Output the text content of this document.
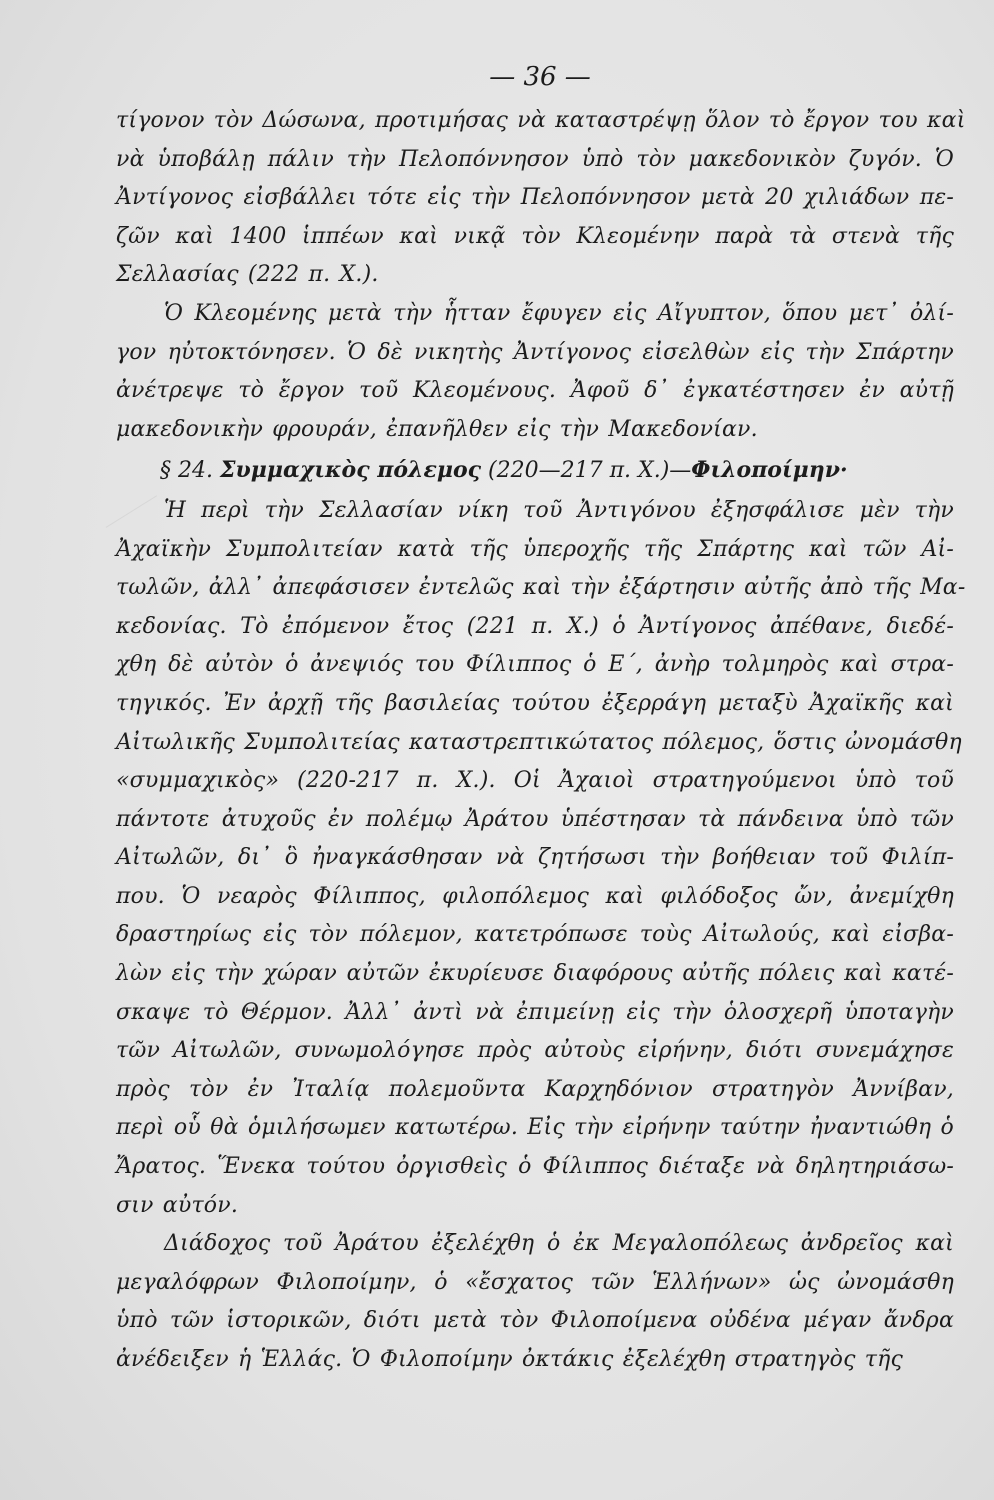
— 36 —
τίγονον τὸν Δώσωνα, προτιμήσας νὰ καταστρέψῃ ὅλον τὸ ἔργον του καὶ
νὰ ὑποβάλῃ πάλιν τὴν Πελοπόννησον ὑπὸ τὸν μακεδονικὸν ζυγόν. Ὁ
Ἀντίγονος εἰσβάλλει τότε εἰς τὴν Πελοπόννησον μετὰ 20 χιλιάδων πε-
ζῶν καὶ 1400 ἱππέων καὶ νικᾷ τὸν Κλεομένην παρὰ τὰ στενὰ τῆς
Σελλασίας (222 π. Χ.).
Ὁ Κλεομένης μετὰ τὴν ἧτταν ἔφυγεν εἰς Αἴγυπτον, ὅπου μετ᾽ ὀλί-
γον ηὐτοκτόνησεν. Ὁ δὲ νικητὴς Ἀντίγονος εἰσελθὼν εἰς τὴν Σπάρτην
ἀνέτρεψε τὸ ἔργον τοῦ Κλεομένους. Ἀφοῦ δ᾽ ἐγκατέστησεν ἐν αὐτῇ
μακεδονικὴν φρουράν, ἐπανῆλθεν εἰς τὴν Μακεδονίαν.
§ 24. Συμμαχικὸς πόλεμος (220—217 π. Χ.)—Φιλοποίμην·
Ἡ περὶ τὴν Σελλασίαν νίκη τοῦ Ἀντιγόνου ἐξησφάλισε μὲν τὴν
Ἀχαϊκὴν Συμπολιτείαν κατὰ τῆς ὑπεροχῆς τῆς Σπάρτης καὶ τῶν Αἰ-
τωλῶν, ἀλλ᾽ ἀπεφάσισεν ἐντελῶς καὶ τὴν ἐξάρτησιν αὐτῆς ἀπὸ τῆς Μα-
κεδονίας. Τὸ ἐπόμενον ἔτος (221 π. Χ.) ὁ Ἀντίγονος ἀπέθανε, διεδέ-
χθη δὲ αὐτὸν ὁ ἀνεψιός του Φίλιππος ὁ Ε΄, ἀνὴρ τολμηρὸς καὶ στρα-
τηγικός. Ἐν ἀρχῇ τῆς βασιλείας τούτου ἐξερράγη μεταξὺ Ἀχαϊκῆς καὶ
Αἰτωλικῆς Συμπολιτείας καταστρεπτικώτατος πόλεμος, ὅστις ὠνομάσθη
«συμμαχικὸς» (220-217 π. Χ.). Οἱ Ἀχαιοὶ στρατηγούμενοι ὑπὸ τοῦ
πάντοτε ἀτυχοῦς ἐν πολέμῳ Ἀράτου ὑπέστησαν τὰ πάνδεινα ὑπὸ τῶν
Αἰτωλῶν, δι᾽ ὃ ἠναγκάσθησαν νὰ ζητήσωσι τὴν βοήθειαν τοῦ Φιλίπ-
που. Ὁ νεαρὸς Φίλιππος, φιλοπόλεμος καὶ φιλόδοξος ὤν, ἀνεμίχθη
δραστηρίως εἰς τὸν πόλεμον, κατετρόπωσε τοὺς Αἰτωλούς, καὶ εἰσβα-
λὼν εἰς τὴν χώραν αὐτῶν ἐκυρίευσε διαφόρους αὐτῆς πόλεις καὶ κατέ-
σκαψε τὸ Θέρμον. Ἀλλ᾽ ἀντὶ νὰ ἐπιμείνῃ εἰς τὴν ὁλοσχερῆ ὑποταγὴν
τῶν Αἰτωλῶν, συνωμολόγησε πρὸς αὐτοὺς εἰρήνην, διότι συνεμάχησε
πρὸς τὸν ἐν Ἰταλίᾳ πολεμοῦντα Καρχηδόνιον στρατηγὸν Ἀννίβαν,
περὶ οὗ θὰ ὁμιλήσωμεν κατωτέρω. Εἰς τὴν εἰρήνην ταύτην ἠναντιώθη ὁ
Ἄρατος. Ἕνεκα τούτου ὀργισθεὶς ὁ Φίλιππος διέταξε νὰ δηλητηριάσω-
σιν αὐτόν.
Διάδοχος τοῦ Ἀράτου ἐξελέχθη ὁ ἐκ Μεγαλοπόλεως ἀνδρεῖος καὶ
μεγαλόφρων Φιλοποίμην, ὁ «ἔσχατος τῶν Ἑλλήνων» ὡς ὠνομάσθη
ὑπὸ τῶν ἱστορικῶν, διότι μετὰ τὸν Φιλοποίμενα οὐδένα μέγαν ἄνδρα
ἀνέδειξεν ἡ Ἑλλάς. Ὁ Φιλοποίμην ὀκτάκις ἐξελέχθη στρατηγὸς τῆς
